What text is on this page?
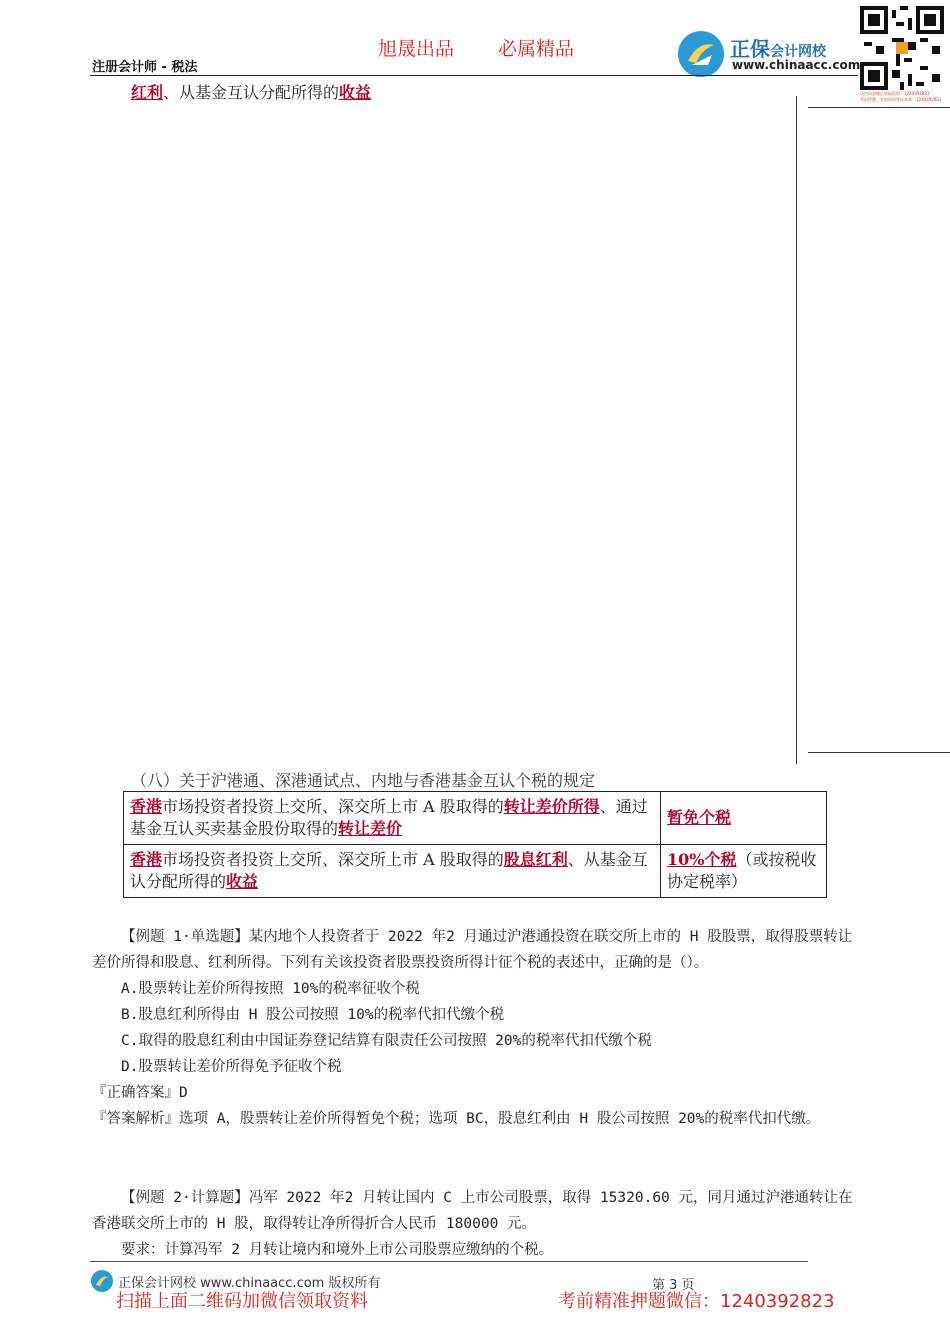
旭晟出品 必属精品
注册会计师 - 税法
正保会计网校
www.chinaacc.com
请扫码加微信领取资料：1240392823
考前押题，考前资料等你来拿：1240392823
红利、从基金互认分配所得的收益
（八）关于沪港通、深港通试点、内地与香港基金互认个税的规定
香港市场投资者投资上交所、深交所上市 A 股取得的转让差价所得、通过基金互认买卖基金股份取得的转让差价	暂免个税
香港市场投资者投资上交所、深交所上市 A 股取得的股息红利、从基金互认分配所得的收益	10%个税（或按税收协定税率）
【例题 1·单选题】某内地个人投资者于 2022 年2 月通过沪港通投资在联交所上市的 H 股股票，取得股票转让差价所得和股息、红利所得。下列有关该投资者股票投资所得计征个税的表述中，正确的是（）。
A.股票转让差价所得按照 10%的税率征收个税
B.股息红利所得由 H 股公司按照 10%的税率代扣代缴个税
C.取得的股息红利由中国证券登记结算有限责任公司按照 20%的税率代扣代缴个税
D.股票转让差价所得免予征收个税
『正确答案』D
『答案解析』选项 A，股票转让差价所得暂免个税；选项 BC，股息红利由 H 股公司按照 20%的税率代扣代缴。
【例题 2·计算题】冯军 2022 年2 月转让国内 C 上市公司股票，取得 15320.60 元，同月通过沪港通转让在香港联交所上市的 H 股，取得转让净所得折合人民币 180000 元。
要求：计算冯军 2 月转让境内和境外上市公司股票应缴纳的个税。
正保会计网校 www.chinaacc.com 版权所有	第 3 页
扫描上面二维码加微信领取资料	考前精准押题微信：1240392823
